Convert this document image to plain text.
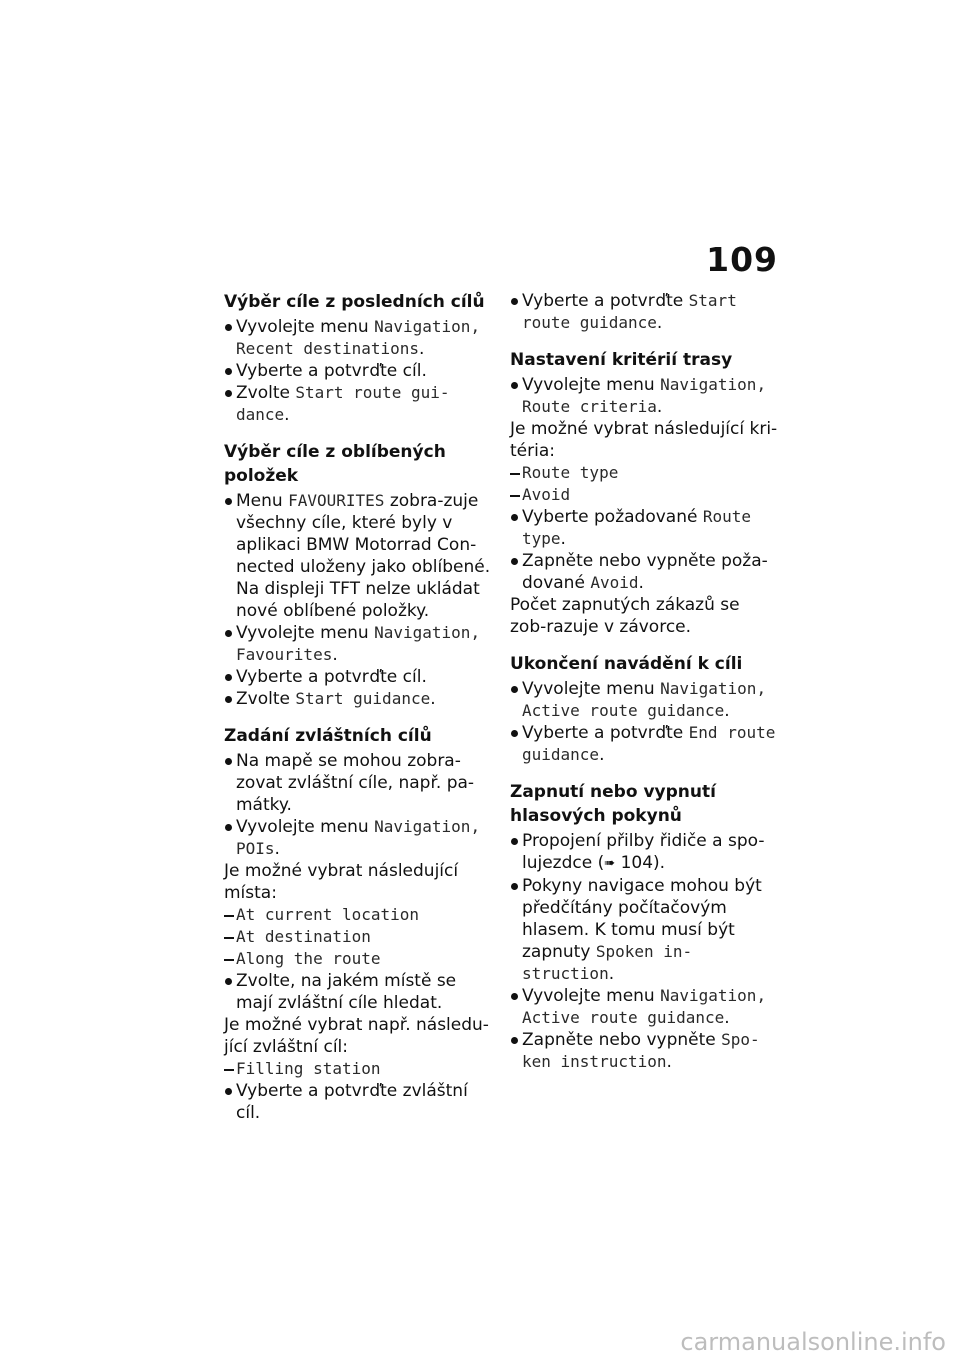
109
Výběr cíle z posledních cílů

Vyvolejte menu Navigation, Recent destinations.

Vyberte a potvrďte cíl.

Zvolte Start route gui-dance.

Výběr cíle z oblíbených položek

Menu FAVOURITES zobra-zuje všechny cíle, které byly v aplikaci BMW Motorrad Con-nected uloženy jako oblíbené. Na displeji TFT nelze ukládat nové oblíbené položky.

Vyvolejte menu Navigation, Favourites.

Vyberte a potvrďte cíl.

Zvolte Start guidance.

Zadání zvláštních cílů

Na mapě se mohou zobra-zovat zvláštní cíle, např. pa-mátky.

Vyvolejte menu Navigation, POIs.

Je možné vybrat následující místa:

At current location

At destination

Along the route

Zvolte, na jakém místě se mají zvláštní cíle hledat.

Je možné vybrat např. následu-jící zvláštní cíl:

Filling station

Vyberte a potvrďte zvláštní cíl.

Vyberte a potvrďte Start route guidance.

Nastavení kritérií trasy

Vyvolejte menu Navigation, Route criteria.

Je možné vybrat následující kri-téria:

Route type

Avoid

Vyberte požadované Route type.

Zapněte nebo vypněte poža-dované Avoid.

Počet zapnutých zákazů se zob-razuje v závorce.

Ukončení navádění k cíli

Vyvolejte menu Navigation, Active route guidance.

Vyberte a potvrďte End route guidance.

Zapnutí nebo vypnutí hlasových pokynů

Propojení přilby řidiče a spo-lujezdce (➠ 104).

Pokyny navigace mohou být předčítány počítačovým hlasem. K tomu musí být zapnuty Spoken in-struction.

Vyvolejte menu Navigation, Active route guidance.

Zapněte nebo vypněte Spo-ken instruction.

carmanualsonline.info
